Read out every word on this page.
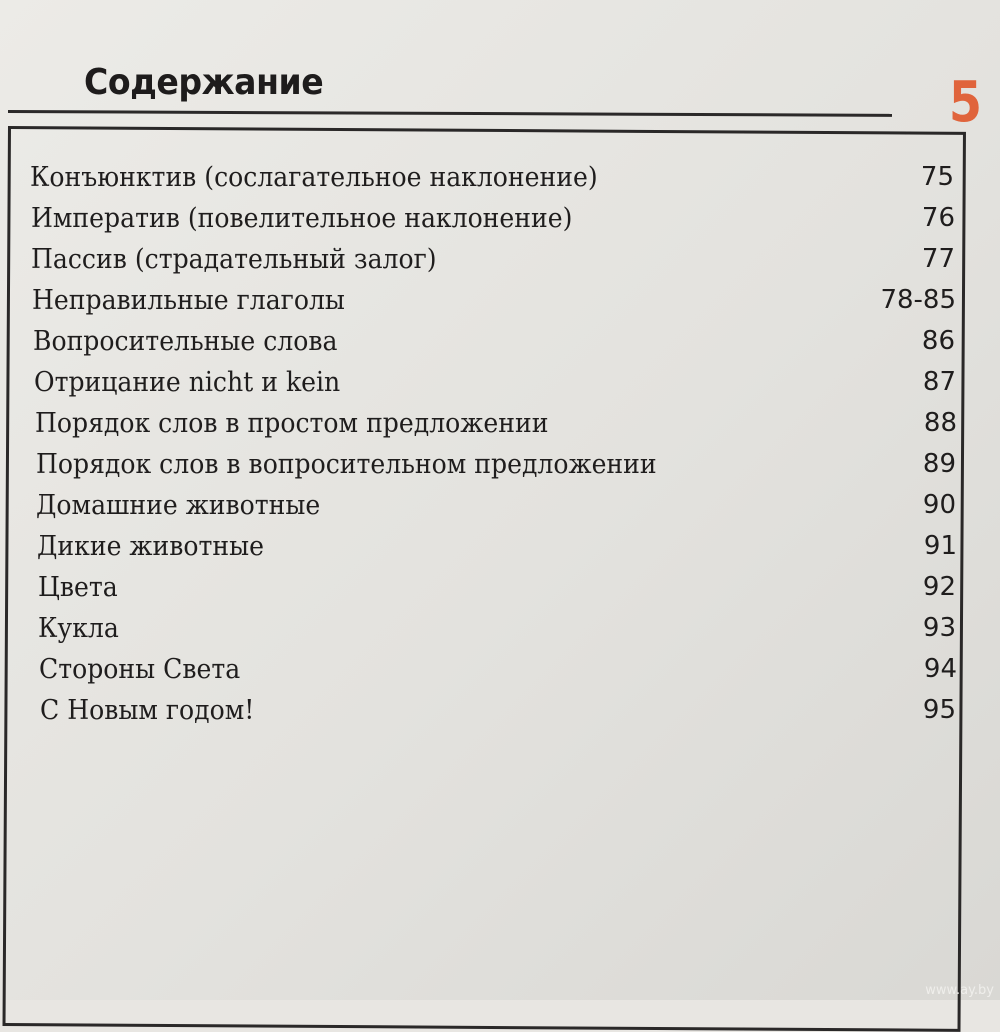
Содержание	5
Конъюнктив (сослагательное наклонение)	75
Императив (повелительное наклонение)	76
Пассив (страдательный залог)	77
Неправильные глаголы	78-85
Вопросительные слова	86
Отрицание nicht и kein	87
Порядок слов в простом предложении	88
Порядок слов в вопросительном предложении	89
Домашние животные	90
Дикие животные	91
Цвета	92
Кукла	93
Стороны Света	94
С Новым годом!	95
www.ay.by
